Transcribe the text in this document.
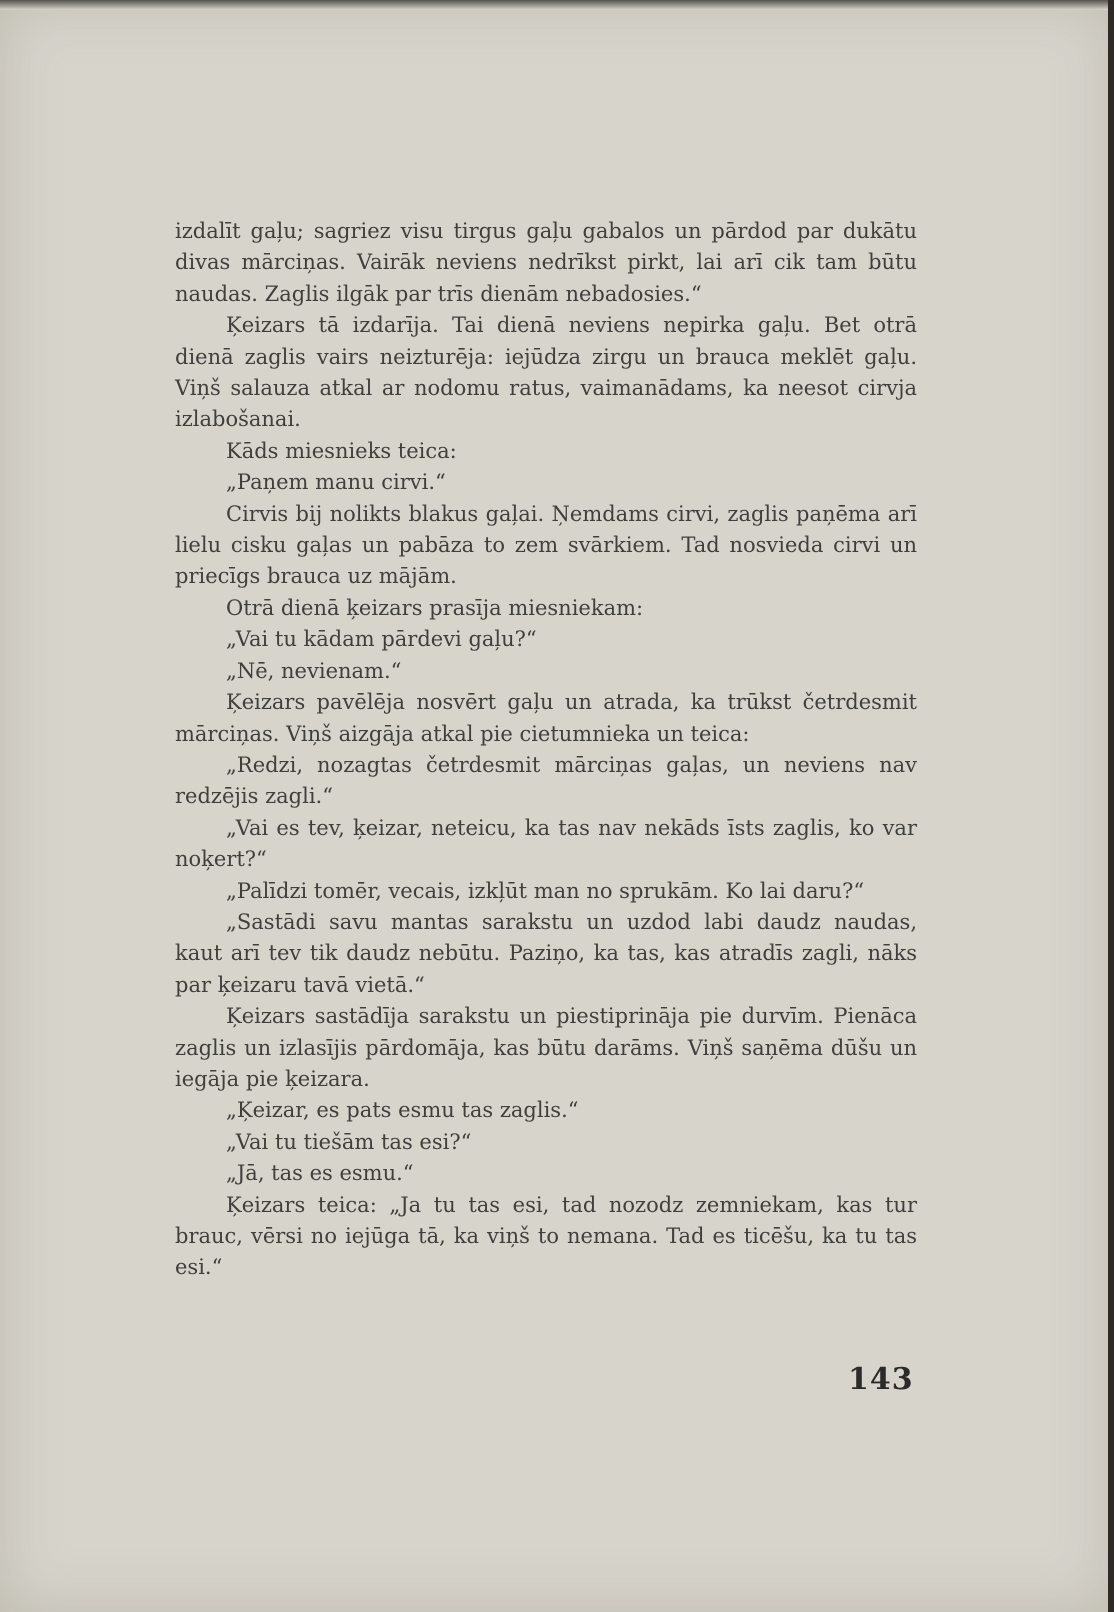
izdalīt gaļu; sagriez visu tirgus gaļu gabalos un pārdod par dukātu divas mārciņas. Vairāk neviens nedrīkst pirkt, lai arī cik tam būtu naudas. Zaglis ilgāk par trīs dienām nebadosies.“

Ķeizars tā izdarīja. Tai dienā neviens nepirka gaļu. Bet otrā dienā zaglis vairs neizturēja: iejūdza zirgu un brauca meklēt gaļu. Viņš salauza atkal ar nodomu ratus, vaimanādams, ka neesot cirvja izlabošanai.

Kāds miesnieks teica:

„Paņem manu cirvi.“

Cirvis bij nolikts blakus gaļai. Ņemdams cirvi, zaglis paņēma arī lielu cisku gaļas un pabāza to zem svārkiem. Tad nosvieda cirvi un priecīgs brauca uz mājām.

Otrā dienā ķeizars prasīja miesniekam:

„Vai tu kādam pārdevi gaļu?“

„Nē, nevienam.“

Ķeizars pavēlēja nosvērt gaļu un atrada, ka trūkst četrdesmit mārciņas. Viņš aizgāja atkal pie cietumnieka un teica:

„Redzi, nozagtas četrdesmit mārciņas gaļas, un neviens nav redzējis zagli.“

„Vai es tev, ķeizar, neteicu, ka tas nav nekāds īsts zaglis, ko var noķert?“

„Palīdzi tomēr, vecais, izkļūt man no sprukām. Ko lai daru?“

„Sastādi savu mantas sarakstu un uzdod labi daudz naudas, kaut arī tev tik daudz nebūtu. Paziņo, ka tas, kas atradīs zagli, nāks par ķeizaru tavā vietā.“

Ķeizars sastādīja sarakstu un piestiprināja pie durvīm. Pienāca zaglis un izlasījis pārdomāja, kas būtu darāms. Viņš saņēma dūšu un iegāja pie ķeizara.

„Ķeizar, es pats esmu tas zaglis.“

„Vai tu tiešām tas esi?“

„Jā, tas es esmu.“

Ķeizars teica: „Ja tu tas esi, tad nozodz zemniekam, kas tur brauc, vērsi no iejūga tā, ka viņš to nemana. Tad es ticēšu, ka tu tas esi.“

143
